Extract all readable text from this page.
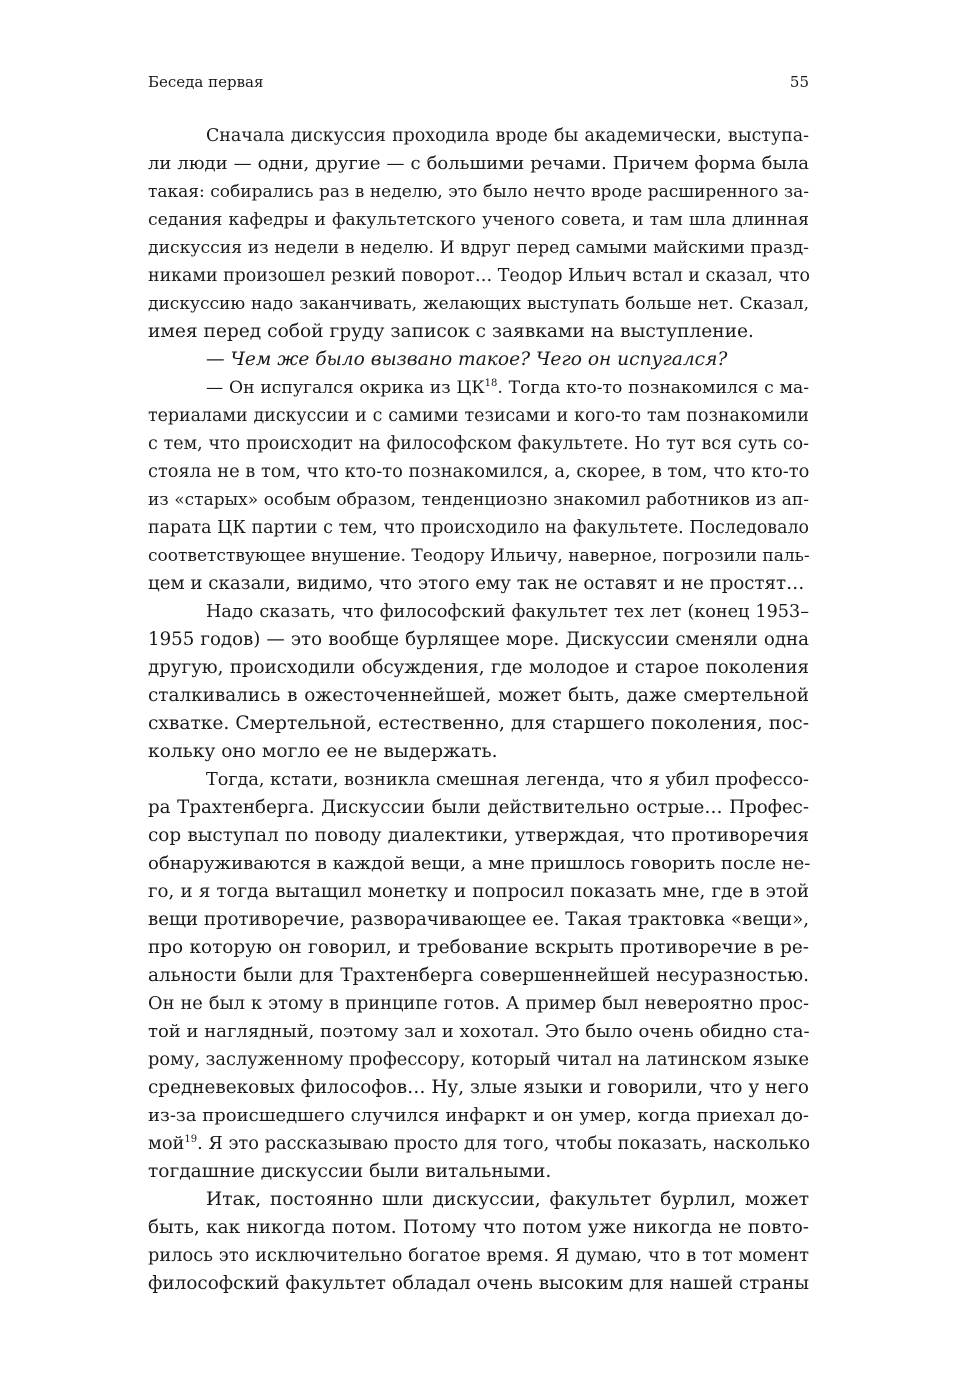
Беседа первая	55
Сначала дискуссия проходила вроде бы академически, выступа-
ли люди — одни, другие — с большими речами. Причем форма была
такая: собирались раз в неделю, это было нечто вроде расширенного за-
седания кафедры и факультетского ученого совета, и там шла длинная
дискуссия из недели в неделю. И вдруг перед самыми майскими празд-
никами произошел резкий поворот… Теодор Ильич встал и сказал, что
дискуссию надо заканчивать, желающих выступать больше нет. Сказал,
имея перед собой груду записок с заявками на выступление.
— Чем же было вызвано такое? Чего он испугался?
— Он испугался окрика из ЦК$^{18}$. Тогда кто-то познакомился с ма-
териалами дискуссии и с самими тезисами и кого-то там познакомили
с тем, что происходит на философском факультете. Но тут вся суть со-
стояла не в том, что кто-то познакомился, а, скорее, в том, что кто-то
из «старых» особым образом, тенденциозно знакомил работников из ап-
парата ЦК партии с тем, что происходило на факультете. Последовало
соответствующее внушение. Теодору Ильичу, наверное, погрозили паль-
цем и сказали, видимо, что этого ему так не оставят и не простят…
Надо сказать, что философский факультет тех лет (конец 1953–
1955 годов) — это вообще бурлящее море. Дискуссии сменяли одна
другую, происходили обсуждения, где молодое и старое поколения
сталкивались в ожесточеннейшей, может быть, даже смертельной
схватке. Смертельной, естественно, для старшего поколения, пос-
кольку оно могло ее не выдержать.
Тогда, кстати, возникла смешная легенда, что я убил профессо-
ра Трахтенберга. Дискуссии были действительно острые… Профес-
сор выступал по поводу диалектики, утверждая, что противоречия
обнаруживаются в каждой вещи, а мне пришлось говорить после не-
го, и я тогда вытащил монетку и попросил показать мне, где в этой
вещи противоречие, разворачивающее ее. Такая трактовка «вещи»,
про которую он говорил, и требование вскрыть противоречие в ре-
альности были для Трахтенберга совершеннейшей несуразностью.
Он не был к этому в принципе готов. А пример был невероятно прос-
той и наглядный, поэтому зал и хохотал. Это было очень обидно ста-
рому, заслуженному профессору, который читал на латинском языке
средневековых философов… Ну, злые языки и говорили, что у него
из-за происшедшего случился инфаркт и он умер, когда приехал до-
мой$^{19}$. Я это рассказываю просто для того, чтобы показать, насколько
тогдашние дискуссии были витальными.
Итак, постоянно шли дискуссии, факультет бурлил, может
быть, как никогда потом. Потому что потом уже никогда не повто-
рилось это исключительно богатое время. Я думаю, что в тот момент
философский факультет обладал очень высоким для нашей страны
